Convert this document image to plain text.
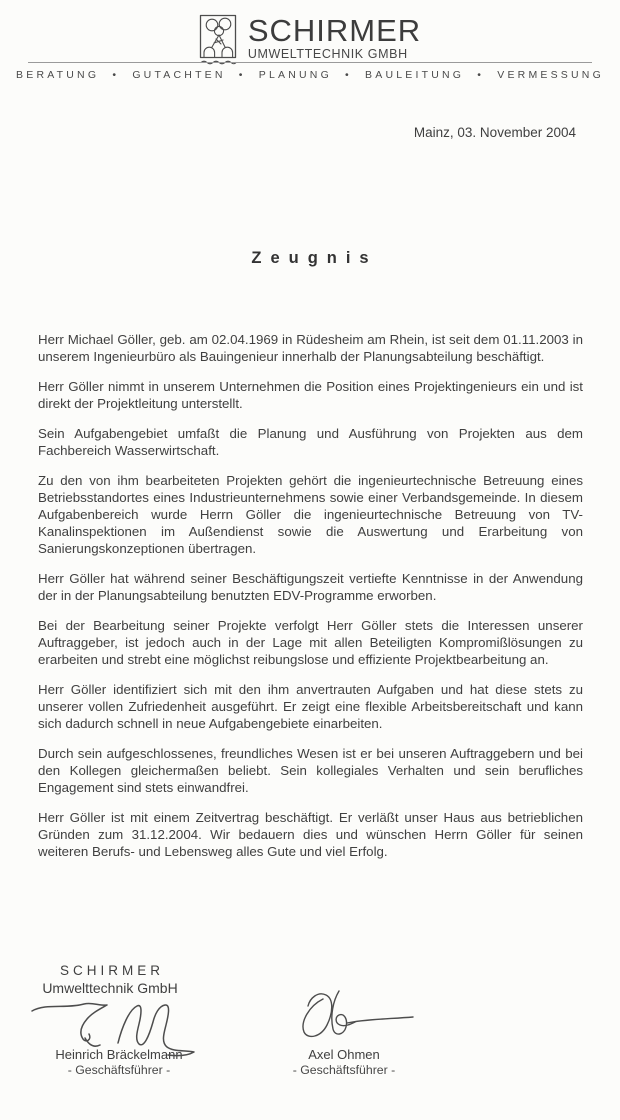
SCHIRMER
UMWELTTECHNIK GMBH
BERATUNG • GUTACHTEN • PLANUNG • BAULEITUNG • VERMESSUNG
Mainz, 03. November 2004
Zeugnis

Herr Michael Göller, geb. am 02.04.1969 in Rüdesheim am Rhein, ist seit dem 01.11.2003 in unserem Ingenieurbüro als Bauingenieur innerhalb der Planungsabteilung beschäftigt.

Herr Göller nimmt in unserem Unternehmen die Position eines Projektingenieurs ein und ist direkt der Projektleitung unterstellt.

Sein Aufgabengebiet umfaßt die Planung und Ausführung von Projekten aus dem Fachbereich Wasserwirtschaft.

Zu den von ihm bearbeiteten Projekten gehört die ingenieurtechnische Betreuung eines Betriebsstandortes eines Industrieunternehmens sowie einer Verbandsgemeinde. In diesem Aufgabenbereich wurde Herrn Göller die ingenieurtechnische Betreuung von TV-Kanalinspektionen im Außendienst sowie die Auswertung und Erarbeitung von Sanierungskonzeptionen übertragen.

Herr Göller hat während seiner Beschäftigungszeit vertiefte Kenntnisse in der Anwendung der in der Planungsabteilung benutzten EDV-Programme erworben.

Bei der Bearbeitung seiner Projekte verfolgt Herr Göller stets die Interessen unserer Auftraggeber, ist jedoch auch in der Lage mit allen Beteiligten Kompromißlösungen zu erarbeiten und strebt eine möglichst reibungslose und effiziente Projektbearbeitung an.

Herr Göller identifiziert sich mit den ihm anvertrauten Aufgaben und hat diese stets zu unserer vollen Zufriedenheit ausgeführt. Er zeigt eine flexible Arbeitsbereitschaft und kann sich dadurch schnell in neue Aufgabengebiete einarbeiten.

Durch sein aufgeschlossenes, freundliches Wesen ist er bei unseren Auftraggebern und bei den Kollegen gleichermaßen beliebt. Sein kollegiales Verhalten und sein berufliches Engagement sind stets einwandfrei.

Herr Göller ist mit einem Zeitvertrag beschäftigt. Er verläßt unser Haus aus betrieblichen Gründen zum 31.12.2004. Wir bedauern dies und wünschen Herrn Göller für seinen weiteren Berufs- und Lebensweg alles Gute und viel Erfolg.

SCHIRMER
Umwelttechnik GmbH
Heinrich Bräckelmann
- Geschäftsführer -
Axel Ohmen
- Geschäftsführer -
